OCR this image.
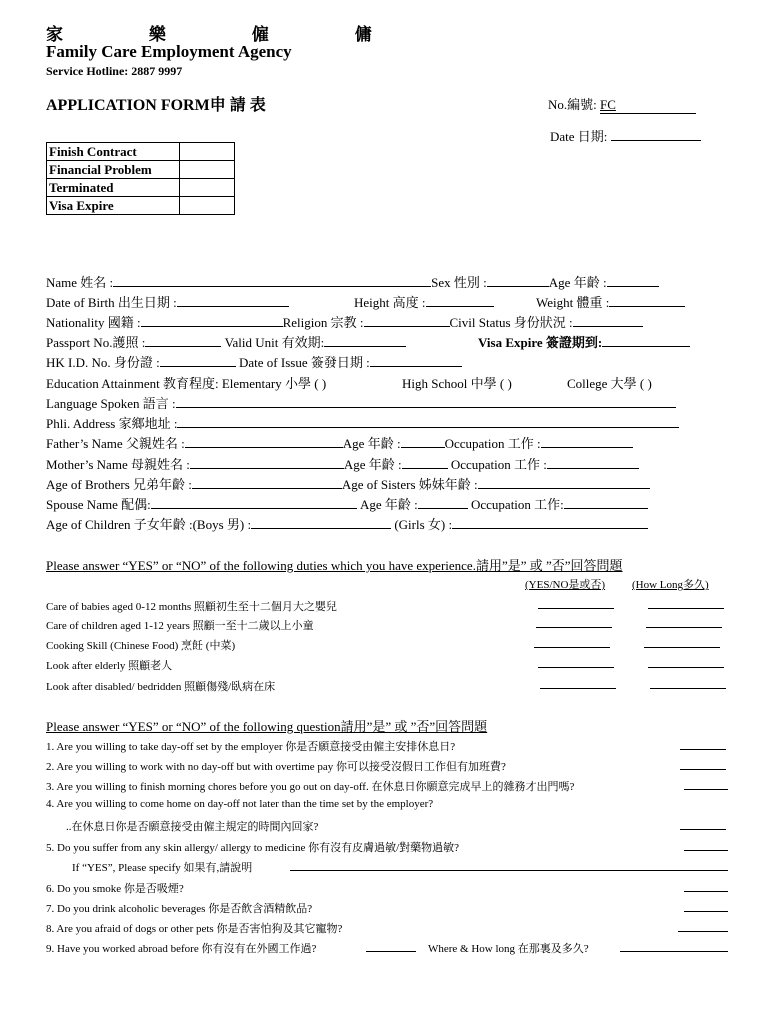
家 樂 僱 傭
Family Care Employment Agency
Service Hotline: 2887 9997
APPLICATION FORM申 請 表	No.編號: FC
Date 日期:
Finish Contract	
Financial Problem	
Terminated	
Visa Expire	
Name 姓名 :	Sex 性別 :	Age 年齡 :
Date of Birth 出生日期 :	Height 高度 :	Weight 體重 :
Nationality 國籍 :	Religion 宗教 :	Civil Status 身份狀況 :
Passport No.護照 :	Valid Unit 有效期:	Visa Expire 簽證期到:
HK I.D. No. 身份證 :	Date of Issue 簽發日期 :
Education Attainment 教育程度: Elementary 小學 ( )	High School 中學 ( )	College 大學 ( )
Language Spoken 語言 :
Phli. Address 家鄉地址 :
Father’s Name 父親姓名 :	Age 年齡 :	Occupation 工作 :
Mother’s Name 母親姓名 :	Age 年齡 :	Occupation 工作 :
Age of Brothers 兄弟年齡 :	Age of Sisters 姊妹年齡 :
Spouse Name 配偶:	Age 年齡 :	Occupation 工作:
Age of Children 子女年齡 :(Boys 男) :	(Girls 女) :
Please answer “YES” or “NO” of the following duties which you have experience.請用”是” 或 ”否”回答問題
(YES/NO是或否) (How Long多久)
Care of babies aged 0-12 months 照顧初生至十二個月大之嬰兒
Care of children aged 1-12 years 照顧一至十二歲以上小童
Cooking Skill (Chinese Food) 烹飪 (中菜)
Look after elderly 照顧老人
Look after disabled/ bedridden 照顧傷殘/臥病在床
Please answer “YES” or “NO” of the following question請用”是” 或 ”否”回答問題
1. Are you willing to take day-off set by the employer 你是否願意接受由僱主安排休息日?
2. Are you willing to work with no day-off but with overtime pay 你可以接受沒假日工作但有加班費?
3. Are you willing to finish morning chores before you go out on day-off. 在休息日你願意完成早上的雜務才出門嗎?
4. Are you willing to come home on day-off not later than the time set by the employer?
..在休息日你是否願意接受由僱主規定的時間內回家?
5. Do you suffer from any skin allergy/ allergy to medicine 你有沒有皮膚過敏/對藥物過敏?
If “YES”, Please specify 如果有,請說明
6. Do you smoke 你是否吸煙?
7. Do you drink alcoholic beverages 你是否飲含酒精飲品?
8. Are you afraid of dogs or other pets 你是否害怕狗及其它寵物?
9. Have you worked abroad before 你有沒有在外國工作過?	Where & How long 在那裏及多久?
